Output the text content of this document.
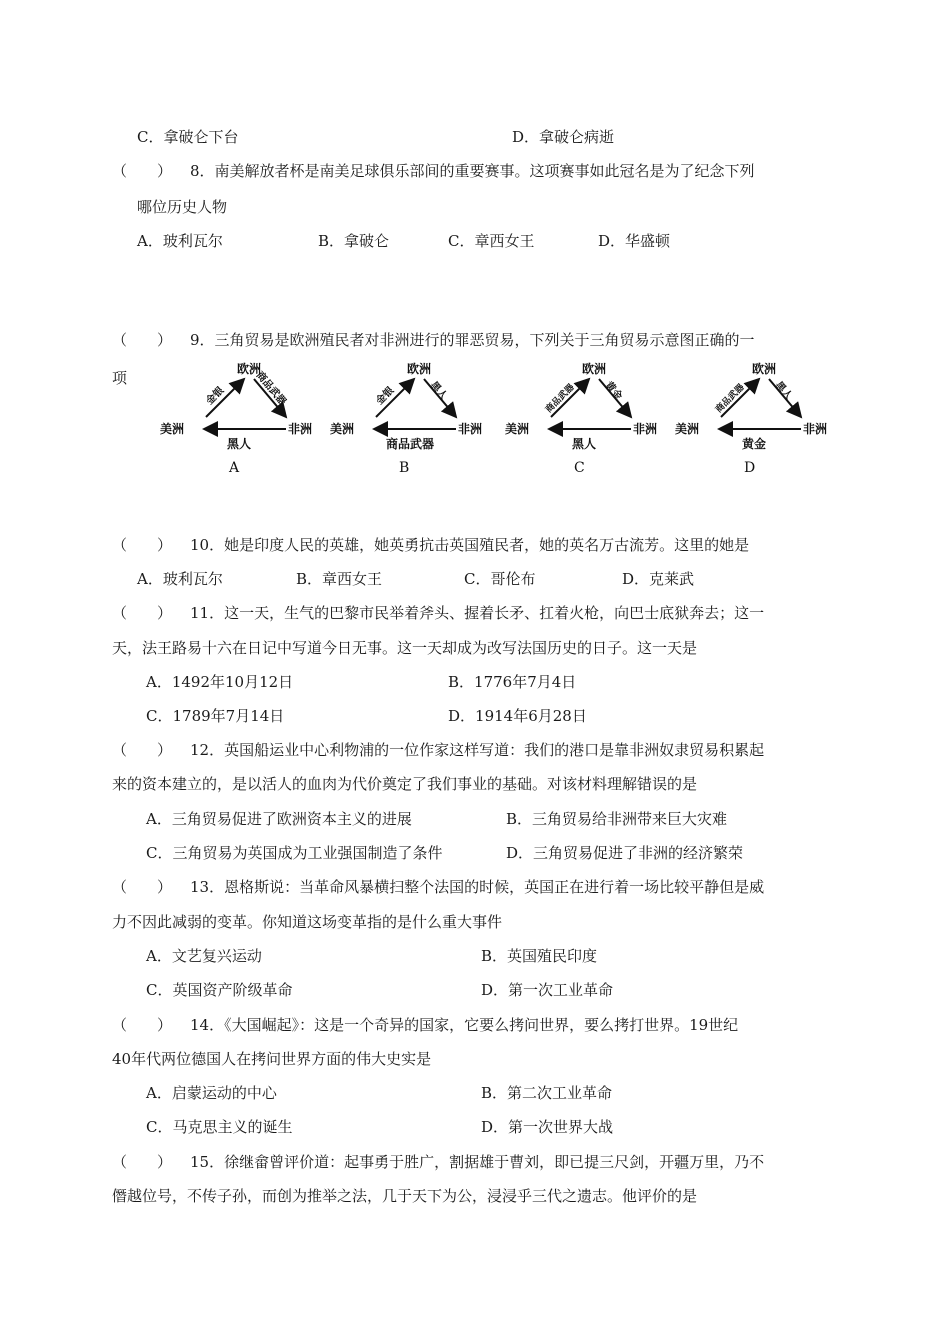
C．拿破仑下台	D．拿破仑病逝
（　　） 8．南美解放者杯是南美足球俱乐部间的重要赛事。这项赛事如此冠名是为了纪念下列
哪位历史人物
A．玻利瓦尔	B．拿破仑	C．章西女王	D．华盛顿
（　　） 9．三角贸易是欧洲殖民者对非洲进行的罪恶贸易，下列关于三角贸易示意图正确的一
项	欧洲
美洲	非洲
金银	商品武器
黑人
A
欧洲
美洲	非洲
金银	黑人
商品武器
B
欧洲
美洲	非洲
商品武器	黄金
黑人
C
欧洲
美洲	非洲
商品武器	黑人
黄金
D
（　　） 10．她是印度人民的英雄，她英勇抗击英国殖民者，她的英名万古流芳。这里的她是
A．玻利瓦尔	B．章西女王	C．哥伦布	D．克莱武
（　　） 11．这一天，生气的巴黎市民举着斧头、握着长矛、扛着火枪，向巴士底狱奔去；这一
天，法王路易十六在日记中写道今日无事。这一天却成为改写法国历史的日子。这一天是
A．1492年10月12日	B．1776年7月4日
C．1789年7月14日	D．1914年6月28日
（　　） 12．英国船运业中心利物浦的一位作家这样写道：我们的港口是靠非洲奴隶贸易积累起
来的资本建立的，是以活人的血肉为代价奠定了我们事业的基础。对该材料理解错误的是
A．三角贸易促进了欧洲资本主义的进展	B．三角贸易给非洲带来巨大灾难
C．三角贸易为英国成为工业强国制造了条件	D．三角贸易促进了非洲的经济繁荣
（　　） 13．恩格斯说：当革命风暴横扫整个法国的时候，英国正在进行着一场比较平静但是威
力不因此减弱的变革。你知道这场变革指的是什么重大事件
A．文艺复兴运动	B．英国殖民印度
C．英国资产阶级革命	D．第一次工业革命
（　　） 14．《大国崛起》：这是一个奇异的国家，它要么拷问世界，要么拷打世界。19世纪
40年代两位德国人在拷问世界方面的伟大史实是
A．启蒙运动的中心	B．第二次工业革命
C．马克思主义的诞生	D．第一次世界大战
（　　） 15．徐继畲曾评价道：起事勇于胜广，割据雄于曹刘，即已提三尺剑，开疆万里，乃不
僭越位号，不传子孙，而创为推举之法，几于天下为公，浸浸乎三代之遗志。他评价的是
